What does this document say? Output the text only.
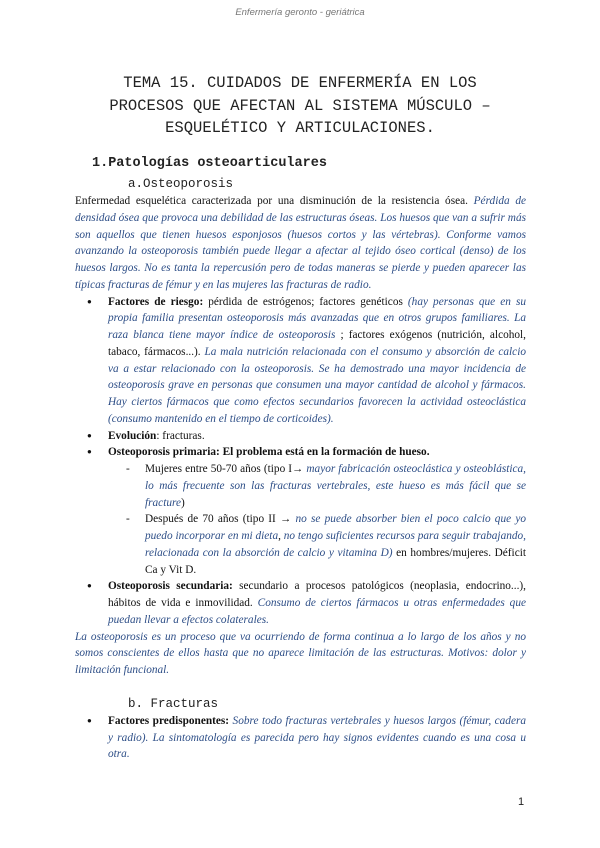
Enfermería geronto - geriátrica
TEMA 15. CUIDADOS DE ENFERMERÍA EN LOS
PROCESOS QUE AFECTAN AL SISTEMA MÚSCULO –
ESQUELÉTICO Y ARTICULACIONES.
1.Patologías osteoarticulares
a.Osteoporosis

Enfermedad esquelética caracterizada por una disminución de la resistencia ósea. Pérdida de densidad ósea que provoca una debilidad de las estructuras óseas. Los huesos que van a sufrir más son aquellos que tienen huesos esponjosos (huesos cortos y las vértebras). Conforme vamos avanzando la osteoporosis también puede llegar a afectar al tejido óseo cortical (denso) de los huesos largos. No es tanta la repercusión pero de todas maneras se pierde y pueden aparecer las típicas fracturas de fémur y en las mujeres las fracturas de radio.

● Factores de riesgo: pérdida de estrógenos; factores genéticos (hay personas que en su propia familia presentan osteoporosis más avanzadas que en otros grupos familiares. La raza blanca tiene mayor índice de osteoporosis ; factores exógenos (nutrición, alcohol, tabaco, fármacos...). La mala nutrición relacionada con el consumo y absorción de calcio va a estar relacionado con la osteoporosis. Se ha demostrado una mayor incidencia de osteoporosis grave en personas que consumen una mayor cantidad de alcohol y fármacos. Hay ciertos fármacos que como efectos secundarios favorecen la actividad osteoclástica (consumo mantenido en el tiempo de corticoides).
● Evolución: fracturas.
● Osteoporosis primaria: El problema está en la formación de hueso.
- Mujeres entre 50-70 años (tipo I→ mayor fabricación osteoclástica y osteoblástica, lo más frecuente son las fracturas vertebrales, este hueso es más fácil que se fracture)
- Después de 70 años (tipo II → no se puede absorber bien el poco calcio que yo puedo incorporar en mi dieta, no tengo suficientes recursos para seguir trabajando, relacionada con la absorción de calcio y vitamina D) en hombres/mujeres. Déficit Ca y Vit D.
● Osteoporosis secundaria: secundario a procesos patológicos (neoplasia, endocrino...), hábitos de vida e inmovilidad. Consumo de ciertos fármacos u otras enfermedades que puedan llevar a efectos colaterales.

La osteoporosis es un proceso que va ocurriendo de forma continua a lo largo de los años y no somos conscientes de ellos hasta que no aparece limitación de las estructuras. Motivos: dolor y limitación funcional.

b. Fracturas
● Factores predisponentes: Sobre todo fracturas vertebrales y huesos largos (fémur, cadera y radio). La sintomatología es parecida pero hay signos evidentes cuando es una cosa u otra.
1
